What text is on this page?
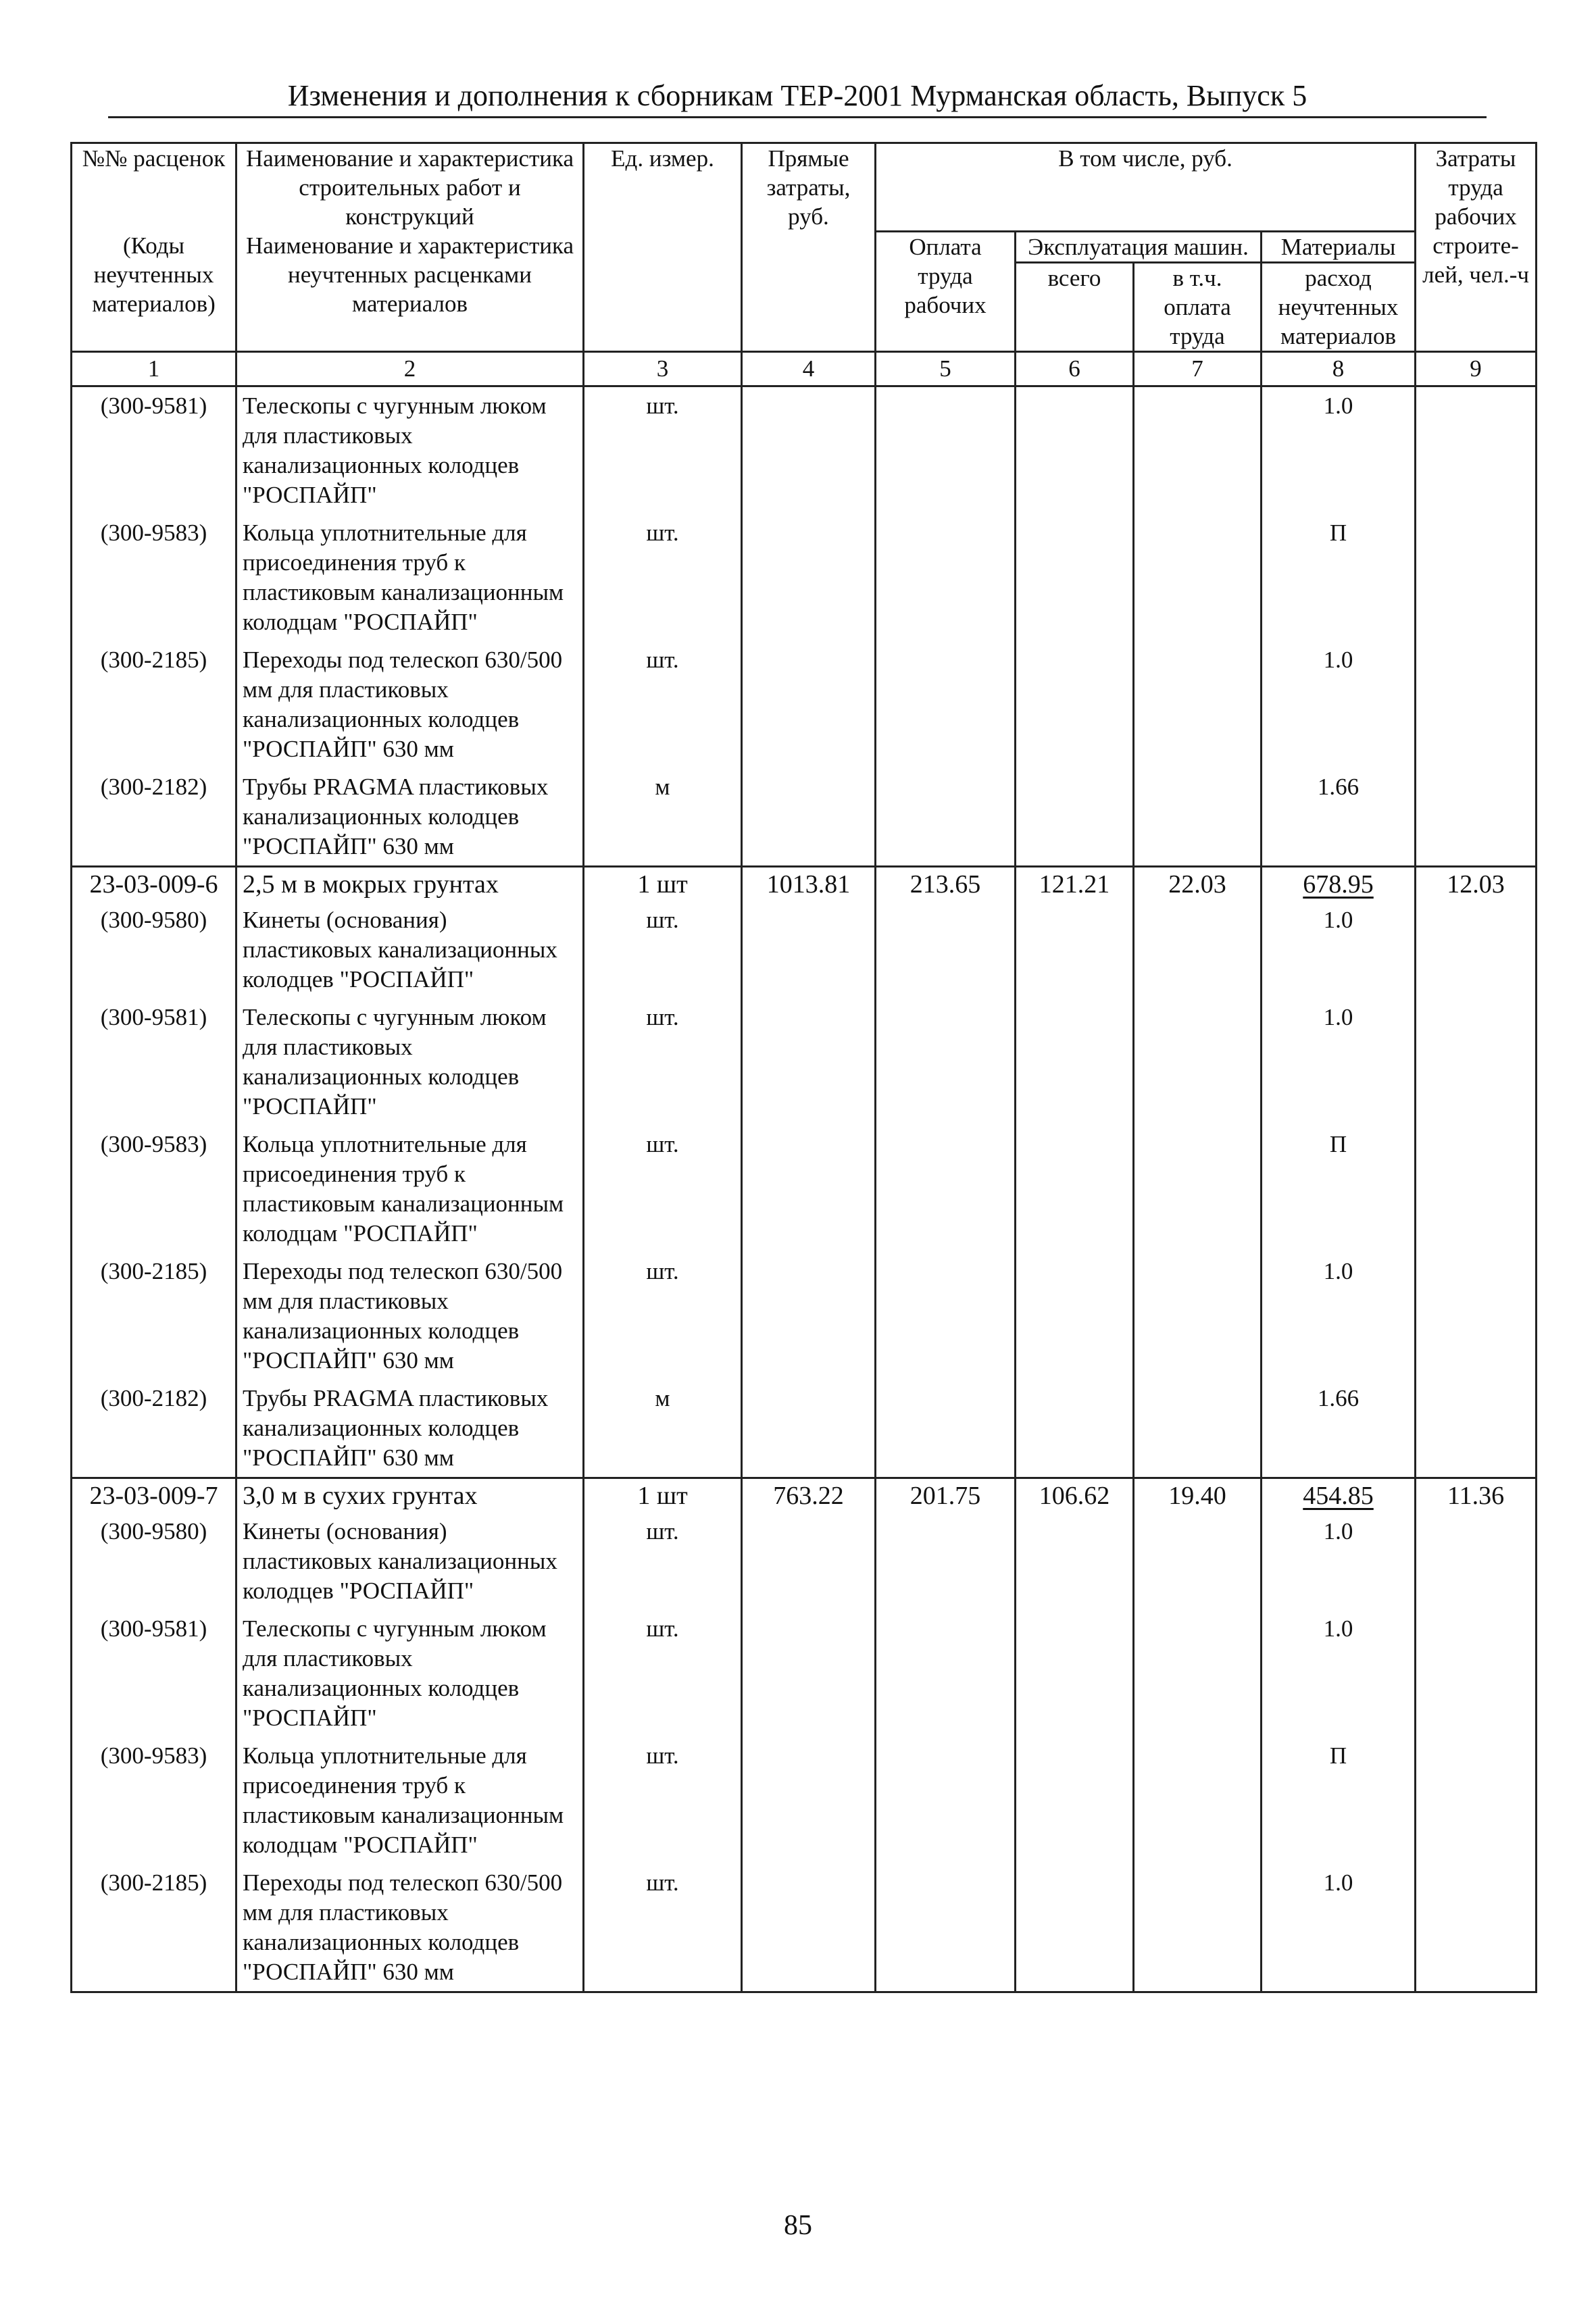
Изменения и дополнения к сборникам ТЕР-2001 Мурманская область, Выпуск 5
№№ расценок	Наименование и характеристика строительных работ и конструкций	Ед. измер.	Прямые затраты, руб.	В том числе, руб.				Затраты труда рабочих строите-лей, чел.-ч
(Коды неучтенных материалов)	Наименование и характеристика неучтенных расценками материалов			Оплата труда рабочих	Эксплуатация машин.		Материалы	
					всего	в т.ч. оплата труда	расход неучтенных материалов	
1	2	3	4	5	6	7	8	9
(300-9581)	Телескопы с чугунным люком для пластиковых канализационных колодцев "РОСПАЙП"	шт.					1.0	
(300-9583)	Кольца уплотнительные для присоединения труб к пластиковым канализационным колодцам "РОСПАЙП"	шт.					П	
(300-2185)	Переходы под телескоп 630/500 мм для пластиковых канализационных колодцев "РОСПАЙП" 630 мм	шт.					1.0	
(300-2182)	Трубы PRAGMA пластиковых канализационных колодцев "РОСПАЙП" 630 мм	м					1.66	
23-03-009-6	2,5 м в мокрых грунтах	1 шт	1013.81	213.65	121.21	22.03	678.95	12.03
(300-9580)	Кинеты (основания) пластиковых канализационных колодцев "РОСПАЙП"	шт.					1.0	
(300-9581)	Телескопы с чугунным люком для пластиковых канализационных колодцев "РОСПАЙП"	шт.					1.0	
(300-9583)	Кольца уплотнительные для присоединения труб к пластиковым канализационным колодцам "РОСПАЙП"	шт.					П	
(300-2185)	Переходы под телескоп 630/500 мм для пластиковых канализационных колодцев "РОСПАЙП" 630 мм	шт.					1.0	
(300-2182)	Трубы PRAGMA пластиковых канализационных колодцев "РОСПАЙП" 630 мм	м					1.66	
23-03-009-7	3,0 м в сухих грунтах	1 шт	763.22	201.75	106.62	19.40	454.85	11.36
(300-9580)	Кинеты (основания) пластиковых канализационных колодцев "РОСПАЙП"	шт.					1.0	
(300-9581)	Телескопы с чугунным люком для пластиковых канализационных колодцев "РОСПАЙП"	шт.					1.0	
(300-9583)	Кольца уплотнительные для присоединения труб к пластиковым канализационным колодцам "РОСПАЙП"	шт.					П	
(300-2185)	Переходы под телескоп 630/500 мм для пластиковых канализационных колодцев "РОСПАЙП" 630 мм	шт.					1.0	
85
